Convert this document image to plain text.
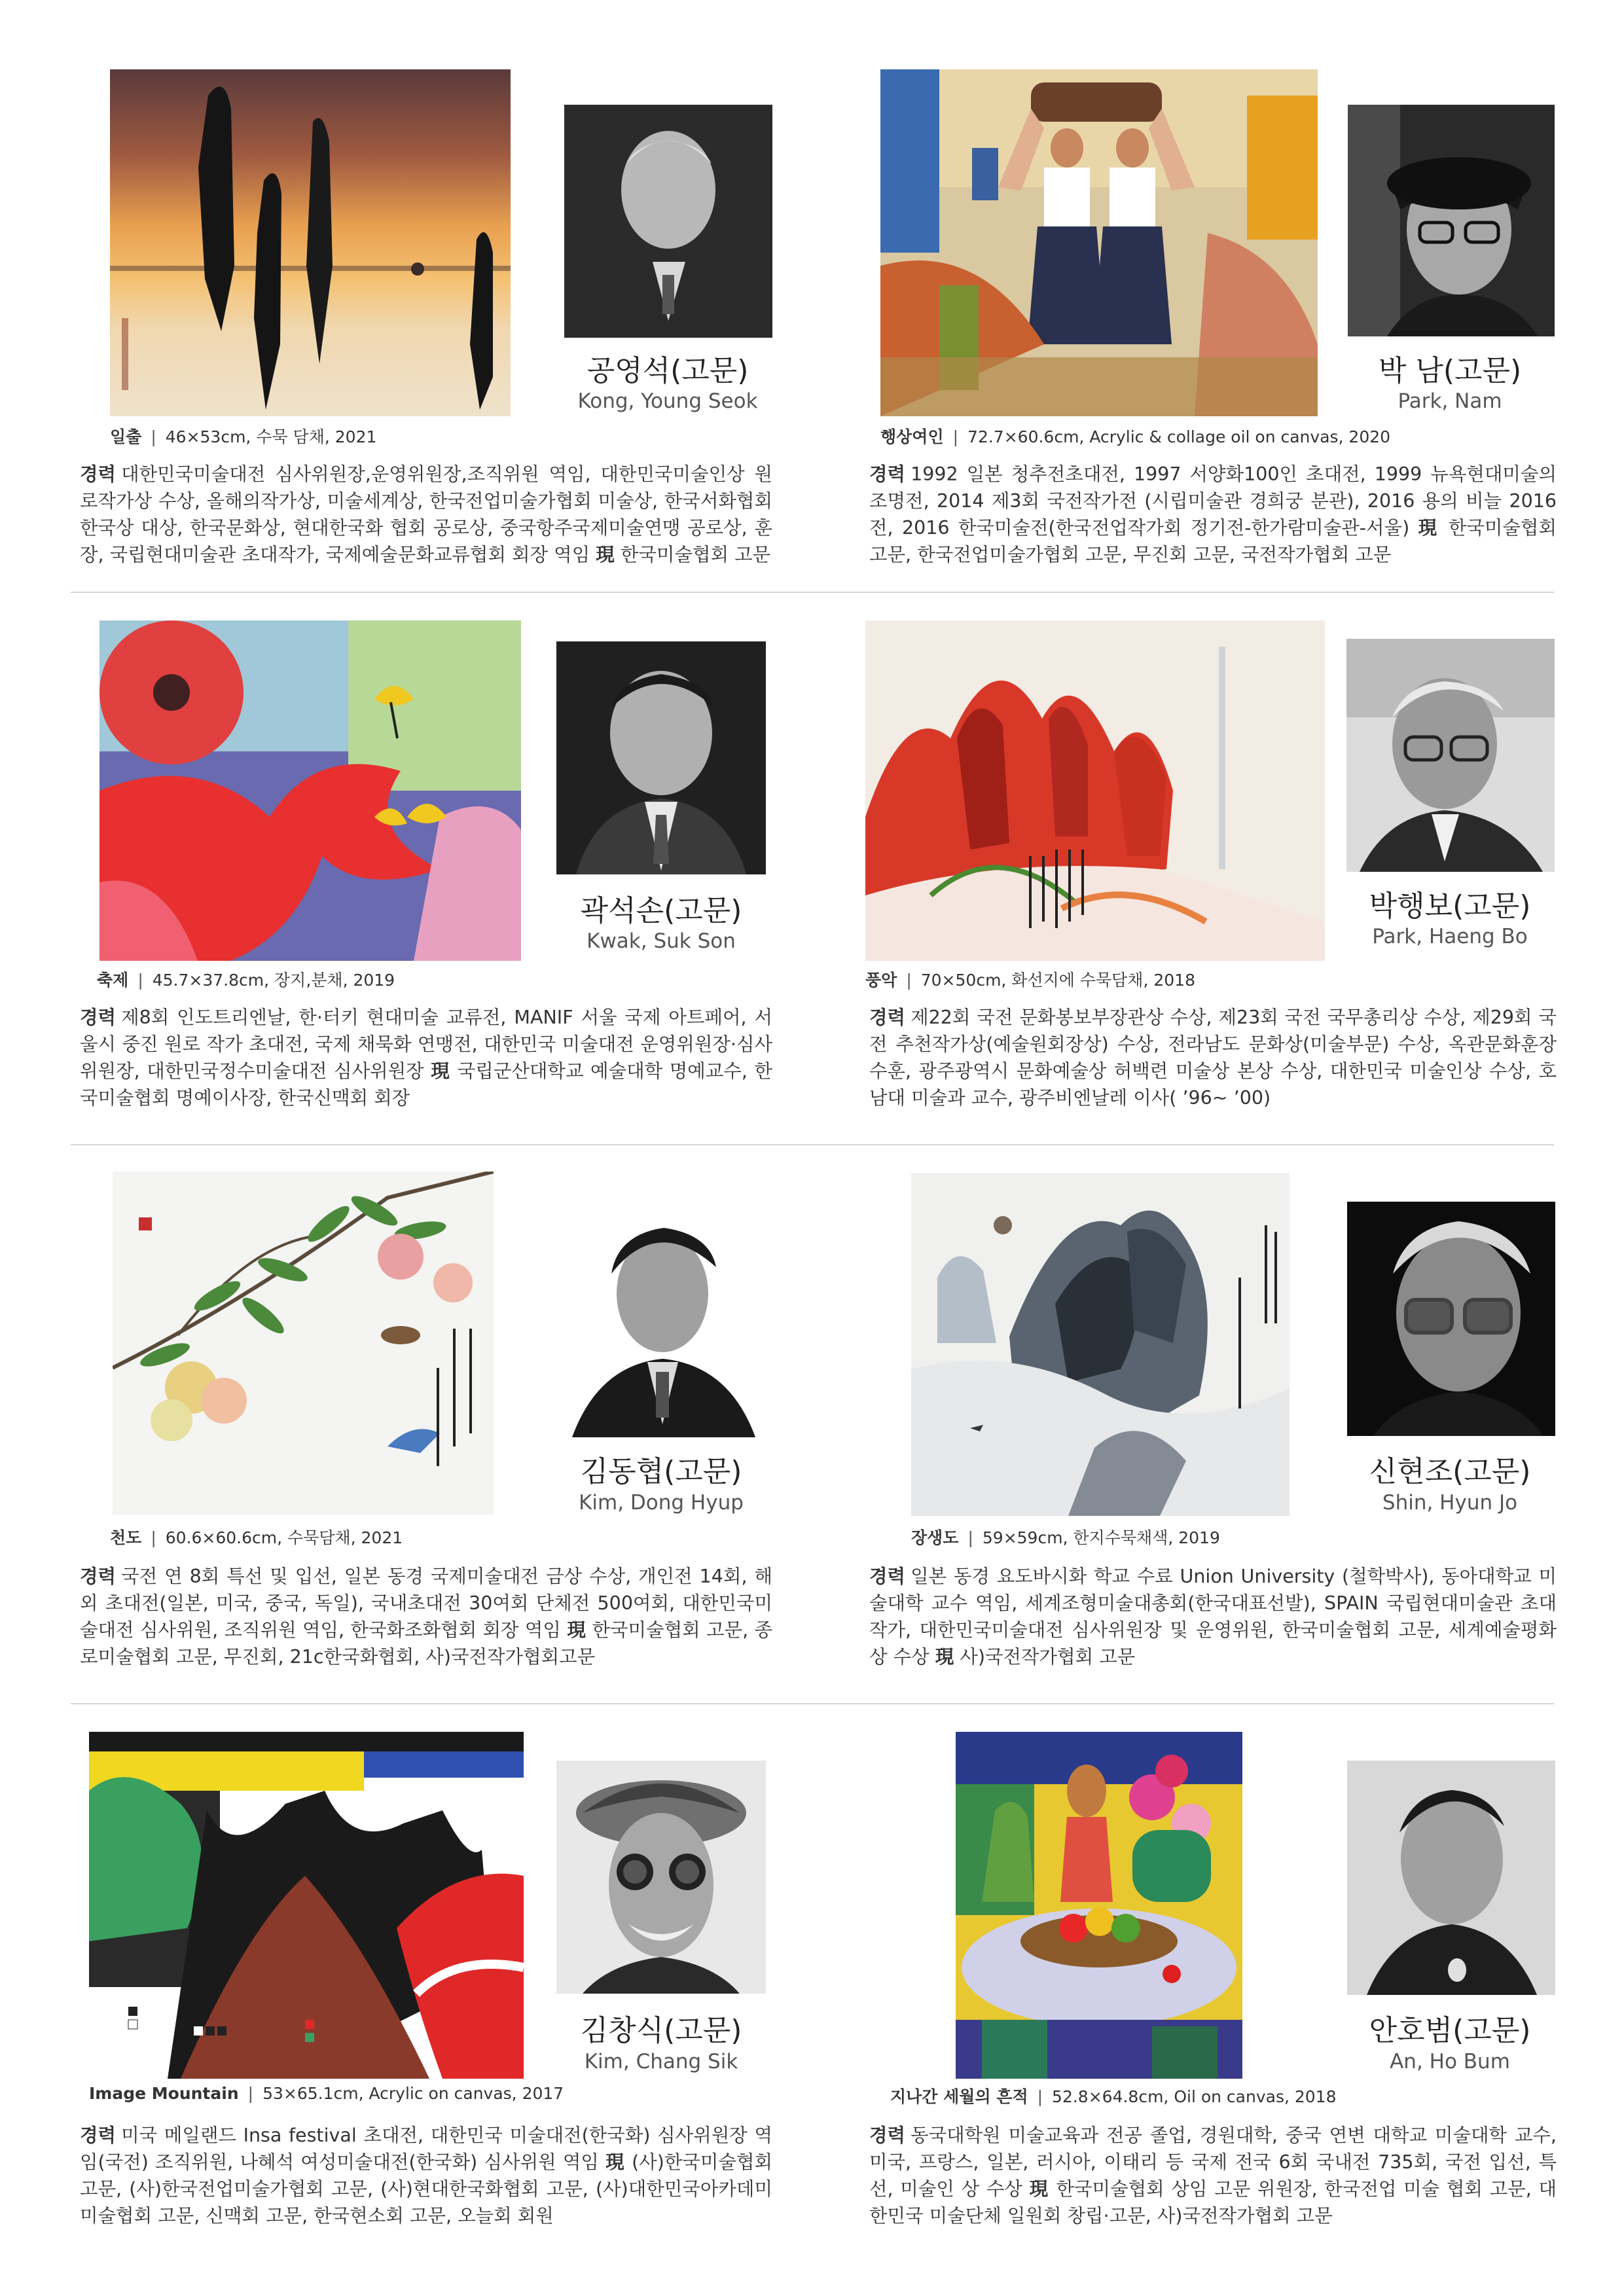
공영석(고문)
Kong, Young Seok
일출 | 46×53cm, 수묵 담채, 2021
경력 대한민국미술대전 심사위원장,운영위원장,조직위원 역임, 대한민국미술인상 원로작가상 수상, 올해의작가상, 미술세계상, 한국전업미술가협회 미술상, 한국서화협회 한국상 대상, 한국문화상, 현대한국화 협회 공로상, 중국항주국제미술연맹 공로상, 훈장, 국립현대미술관 초대작가, 국제예술문화교류협회 회장 역임 現 한국미술협회 고문
박 남(고문)
Park, Nam
행상여인 | 72.7×60.6cm, Acrylic & collage oil on canvas, 2020
경력 1992 일본 청추전초대전, 1997 서양화100인 초대전, 1999 뉴욕현대미술의 조명전, 2014 제3회 국전작가전 (시립미술관 경희궁 분관), 2016 용의 비늘 2016전, 2016 한국미술전(한국전업작가회 정기전-한가람미술관-서울) 現 한국미술협회 고문, 한국전업미술가협회 고문, 무진회 고문, 국전작가협회 고문
곽석손(고문)
Kwak, Suk Son
축제 | 45.7×37.8cm, 장지,분채, 2019
경력 제8회 인도트리엔날, 한·터키 현대미술 교류전, MANIF 서울 국제 아트페어, 서울시 중진 원로 작가 초대전, 국제 채묵화 연맹전, 대한민국 미술대전 운영위원장·심사위원장, 대한민국정수미술대전 심사위원장 現 국립군산대학교 예술대학 명예교수, 한국미술협회 명예이사장, 한국신맥회 회장
박행보(고문)
Park, Haeng Bo
풍악 | 70×50cm, 화선지에 수묵담채, 2018
경력 제22회 국전 문화봉보부장관상 수상, 제23회 국전 국무총리상 수상, 제29회 국전 추천작가상(예술원회장상) 수상, 전라남도 문화상(미술부문) 수상, 옥관문화훈장 수훈, 광주광역시 문화예술상 허백련 미술상 본상 수상, 대한민국 미술인상 수상, 호남대 미술과 교수, 광주비엔날레 이사( ’96~ ’00)
김동협(고문)
Kim, Dong Hyup
천도 | 60.6×60.6cm, 수묵담채, 2021
경력 국전 연 8회 특선 및 입선, 일본 동경 국제미술대전 금상 수상, 개인전 14회, 해외 초대전(일본, 미국, 중국, 독일), 국내초대전 30여회 단체전 500여회, 대한민국미술대전 심사위원, 조직위원 역임, 한국화조화협회 회장 역임 現 한국미술협회 고문, 종로미술협회 고문, 무진회, 21c한국화협회, 사)국전작가협회고문
신현조(고문)
Shin, Hyun Jo
장생도 | 59×59cm, 한지수묵채색, 2019
경력 일본 동경 요도바시화 학교 수료 Union University (철학박사), 동아대학교 미술대학 교수 역임, 세계조형미술대총회(한국대표선발), SPAIN 국립현대미술관 초대작가, 대한민국미술대전 심사위원장 및 운영위원, 한국미술협회 고문, 세계예술평화상 수상 現 사)국전작가협회 고문
김창식(고문)
Kim, Chang Sik
Image Mountain | 53×65.1cm, Acrylic on canvas, 2017
경력 미국 메일랜드 Insa festival 초대전, 대한민국 미술대전(한국화) 심사위원장 역임(국전) 조직위원, 나혜석 여성미술대전(한국화) 심사위원 역임 現 (사)한국미술협회 고문, (사)한국전업미술가협회 고문, (사)현대한국화협회 고문, (사)대한민국아카데미 미술협회 고문, 신맥회 고문, 한국현소회 고문, 오늘회 회원
안호범(고문)
An, Ho Bum
지나간 세월의 흔적 | 52.8×64.8cm, Oil on canvas, 2018
경력 동국대학원 미술교육과 전공 졸업, 경원대학, 중국 연변 대학교 미술대학 교수, 미국, 프랑스, 일본, 러시아, 이태리 등 국제 전국 6회 국내전 735회, 국전 입선, 특선, 미술인 상 수상 現 한국미술협회 상임 고문 위원장, 한국전업 미술 협회 고문, 대한민국 미술단체 일원회 창립·고문, 사)국전작가협회 고문
